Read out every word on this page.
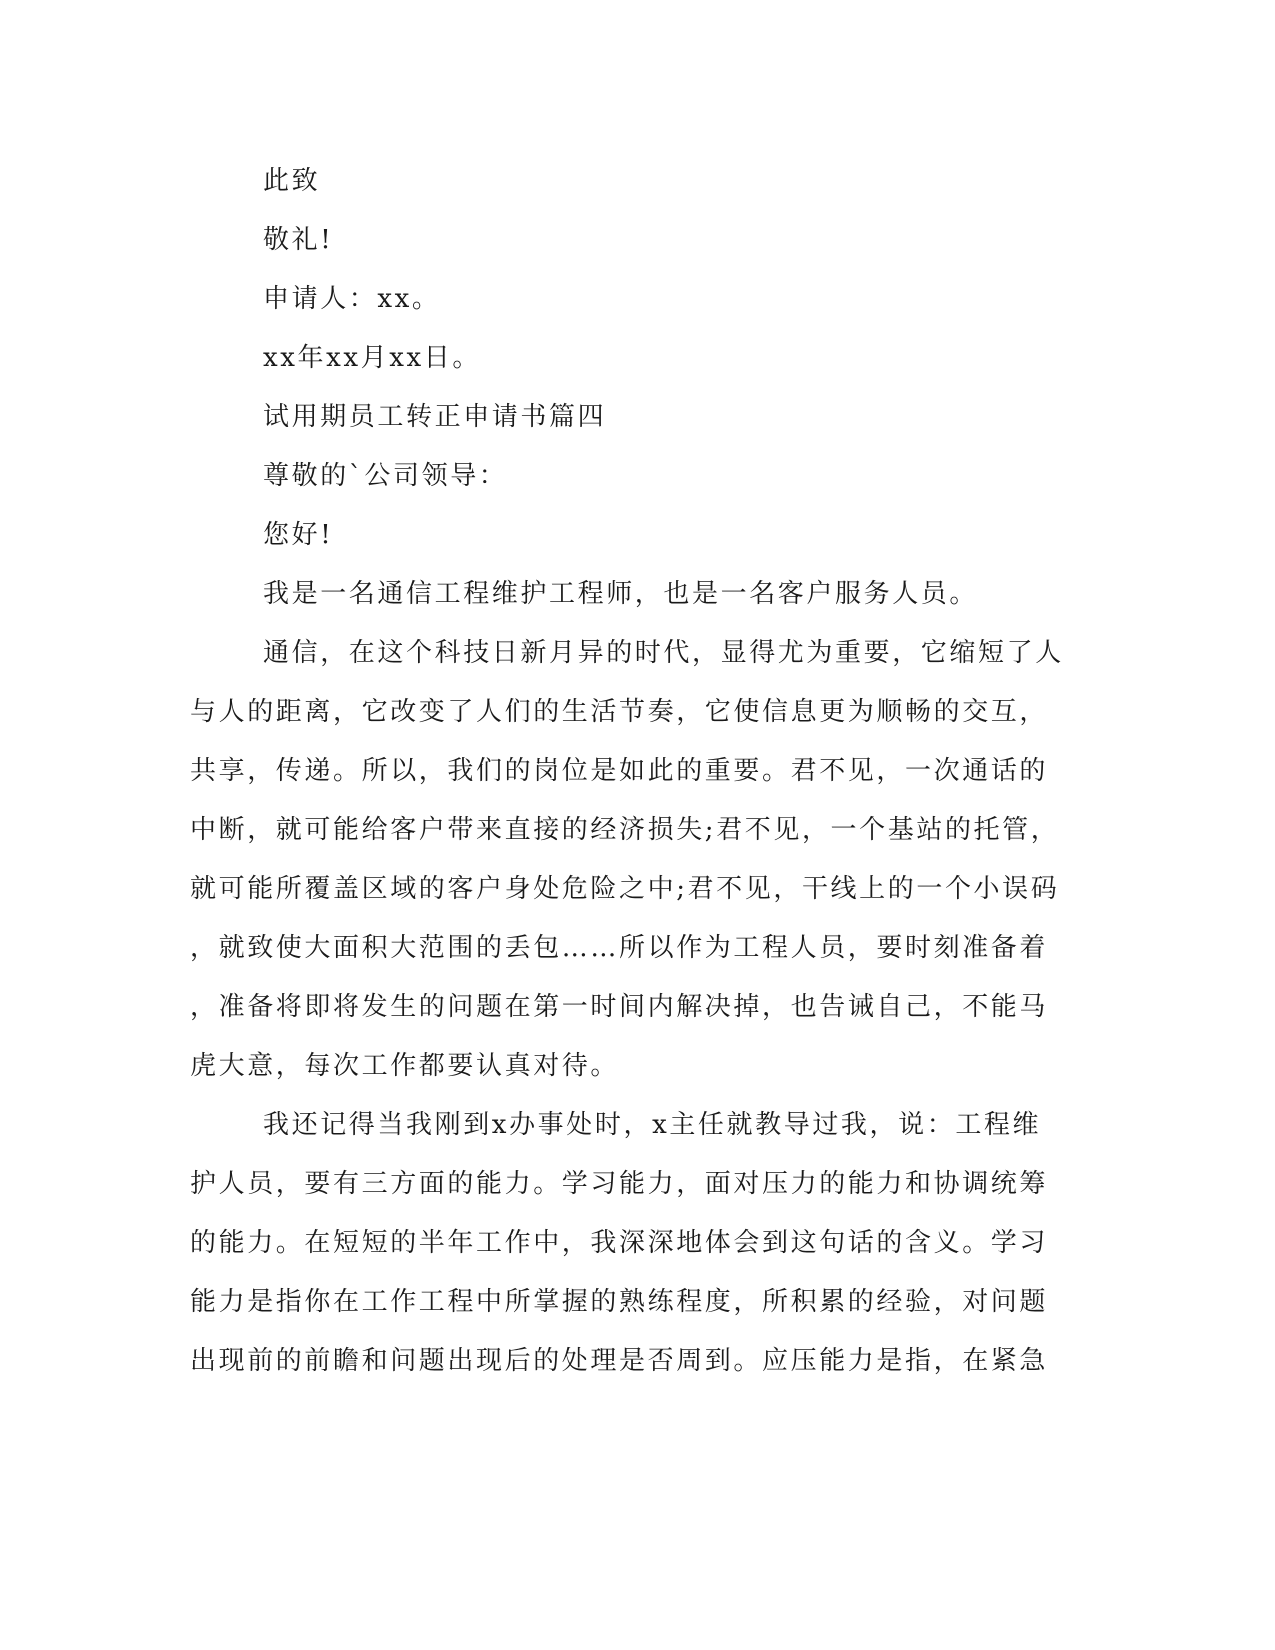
此致
敬礼!
申请人：xx。
xx年xx月xx日。
试用期员工转正申请书篇四
尊敬的`公司领导：
您好!
我是一名通信工程维护工程师，也是一名客户服务人员。
通信，在这个科技日新月异的时代，显得尤为重要，它缩短了人
与人的距离，它改变了人们的生活节奏，它使信息更为顺畅的交互，
共享，传递。所以，我们的岗位是如此的重要。君不见，一次通话的
中断，就可能给客户带来直接的经济损失;君不见，一个基站的托管，
就可能所覆盖区域的客户身处危险之中;君不见，干线上的一个小误码
，就致使大面积大范围的丢包……所以作为工程人员，要时刻准备着
，准备将即将发生的问题在第一时间内解决掉，也告诫自己，不能马
虎大意，每次工作都要认真对待。
我还记得当我刚到x办事处时，x主任就教导过我，说：工程维
护人员，要有三方面的能力。学习能力，面对压力的能力和协调统筹
的能力。在短短的半年工作中，我深深地体会到这句话的含义。学习
能力是指你在工作工程中所掌握的熟练程度，所积累的经验，对问题
出现前的前瞻和问题出现后的处理是否周到。应压能力是指，在紧急
